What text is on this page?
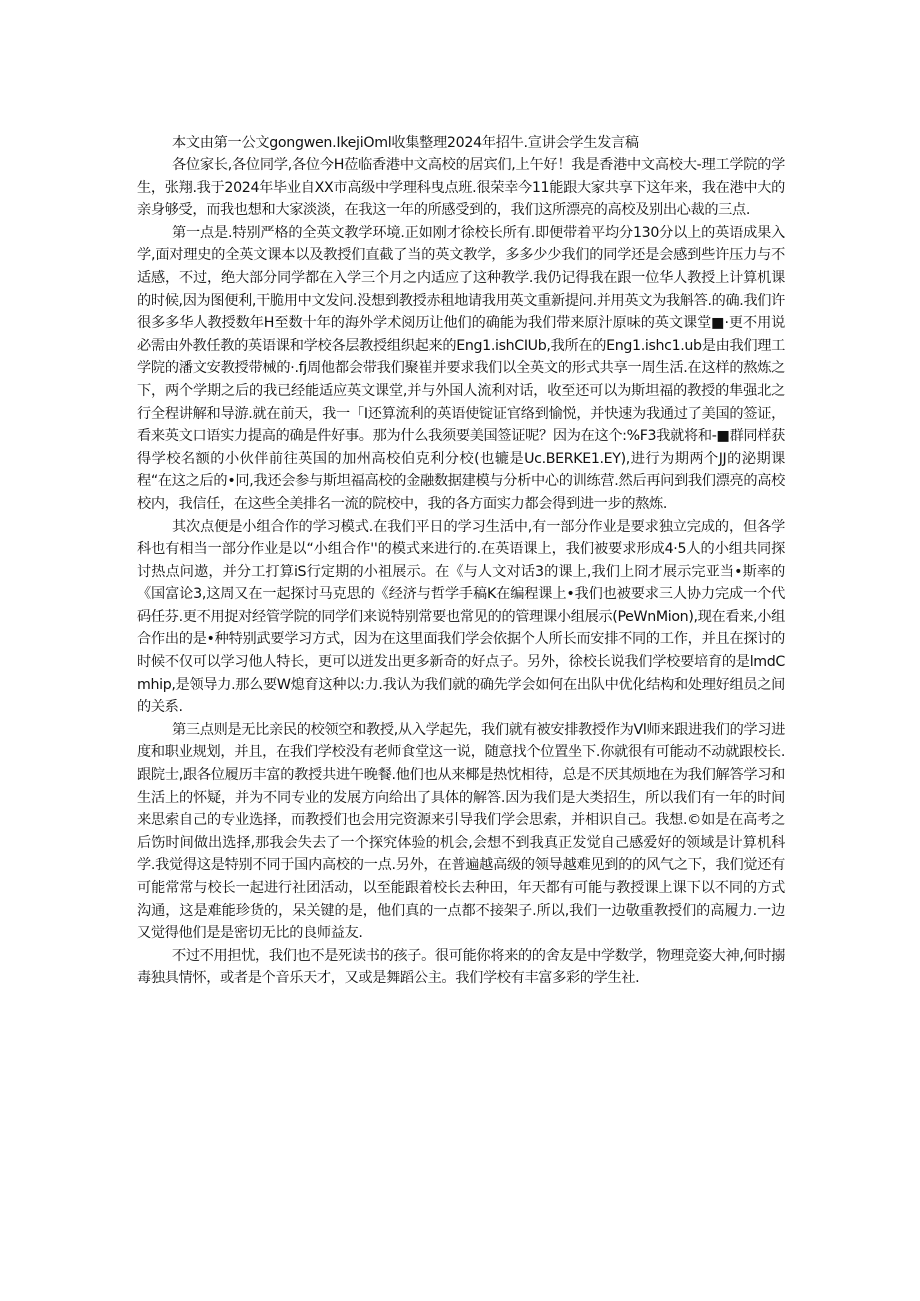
本文由第一公文gongwen.IkejiOml收集整理2024年招牛.宣讲会学生发言稿

各位家长,各位同学,各位今H莅临香港中文高校的居宾们,上午好！我是香港中文高校大-理工学院的学生，张翔.我于2024年毕业自XX市高级中学理科曳点班.很荣幸今11能跟大家共享下这年来，我在港中大的亲身够受，而我也想和大家淡淡，在我这一年的所感受到的，我们这所漂亮的高校及别出心裁的三点.

第一点是.特别严格的全英文教学环境.正如刚才徐校长所有.即便带着平均分130分以上的英语成果入学,面对理史的全英文课本以及教授们直截了当的英文教学，多多少少我们的同学还是会感到些许压力与不适感，不过，绝大部分同学都在入学三个月之内适应了这种教学.我仍记得我在跟一位华人教授上计算机课的时候,因为图便利,干脆用中文发问.没想到教授赤租地请我用英文重新提问.并用英文为我斛答.的确.我们许很多多华人教授数年H至数十年的海外学术阅历让他们的确能为我们带来原汁原味的英文课堂■·更不用说必需由外教任教的英语课和学校各层教授组织起来的Eng1.ishCIUb,我所在的Eng1.ishc1.ub是由我们理工学院的潘文安教授带械的·.fj周他都会带我们聚崔并要求我们以全英文的形式共享一周生活.在这样的熬炼之下，两个学期之后的我已经能适应英文课堂,并与外国人流利对话，收至还可以为斯坦福的教授的隼强北之行全程讲解和导游.就在前天，我一「I还算流利的英语使锭证官络到愉悦，并快速为我通过了美国的签证，看来英文口语实力提高的确是件好事。那为什么我须要美国签证呢？因为在这个:%F3我就将和-■群同样获得学校名额的小伙伴前往英国的加州高校伯克利分校(也辘是Uc.BERKE1.EY),进行为期两个JJ的泌期课程“在这之后的•冋,我还会参与斯坦福高校的金融数据建模与分析中心的训练营.然后再问到我们漂亮的高校校内，我信任，在这些全美排名一流的院校中，我的各方面实力都会得到进一步的熬炼.

其次点便是小组合作的学习模式.在我们平日的学习生活中,有一部分作业是要求独立完成的，但各学科也有相当一部分作业是以“小组合作''的模式来进行的.在英语课上，我们被要求形成4·5人的小组共同探讨热点问遨，并分工打算iS行定期的小祖展示。在《与人文对话3的课上,我们上冏才展示完亚当•斯率的《国富论3,这周又在一起探讨马克思的《经济与哲学手稿K在编程课上•我们也被要求三人协力完成一个代码任芬.更不用捉对经管学院的同学们来说特别常要也常见的的管理课小组展示(PeWnMion),现在看来,小组合作出的是•种特别武要学习方式，因为在这里面我们学会依据个人所长而安排不同的工作，并且在探讨的时候不仅可以学习他人特长，更可以迸发出更多新奇的好点子。另外，徐校长说我们学校要培育的是lmdCmhip,是领导力.那么要W熄育这种以:力.我认为我们就的确先学会如何在出队中优化结构和处理好组员之间的关系.

第三点则是无比亲民的校领空和教授,从入学起先，我们就有被安排教授作为Vl师来跟进我们的学习进度和职业规划，并且，在我们学校没有老师食堂这一说，随意找个位置坐下.你就很有可能动不动就跟校长.跟院士,跟各位履历丰富的教授共进午晚餐.他们也从来椰是热忱相待，总是不厌其烦地在为我们解答学习和生活上的怀疑，并为不同专业的发展方向给出了具体的解答.因为我们是大类招生，所以我们有一年的时间来思索自己的专业选择，而教授们也会用完资源来引导我们学会思索，并相识自己。我想.©如是在高考之后饬时间做出选择,那我会失去了一个探究体验的机会,会想不到我真正发觉自己感爱好的领域是计算机科学.我觉得这是特别不同于国内高校的一点.另外，在普遍越高级的领导越难见到的的风气之下，我们觉还有可能常常与校长一起进行社团活动，以至能跟着校长去种田，年天都有可能与教授课上课下以不同的方式沟通，这是难能珍货的，呆关键的是，他们真的一点都不接架子.所以,我们一边敬重教授们的高履力.一边又觉得他们是是密切无比的良师益友.

不过不用担忧，我们也不是死读书的孩子。很可能你将来的的舍友是中学数学，物理竞姿大神,何时搦毒独具情怀，或者是个音乐天才，又或是舞蹈公主。我们学校有丰富多彩的学生社.
